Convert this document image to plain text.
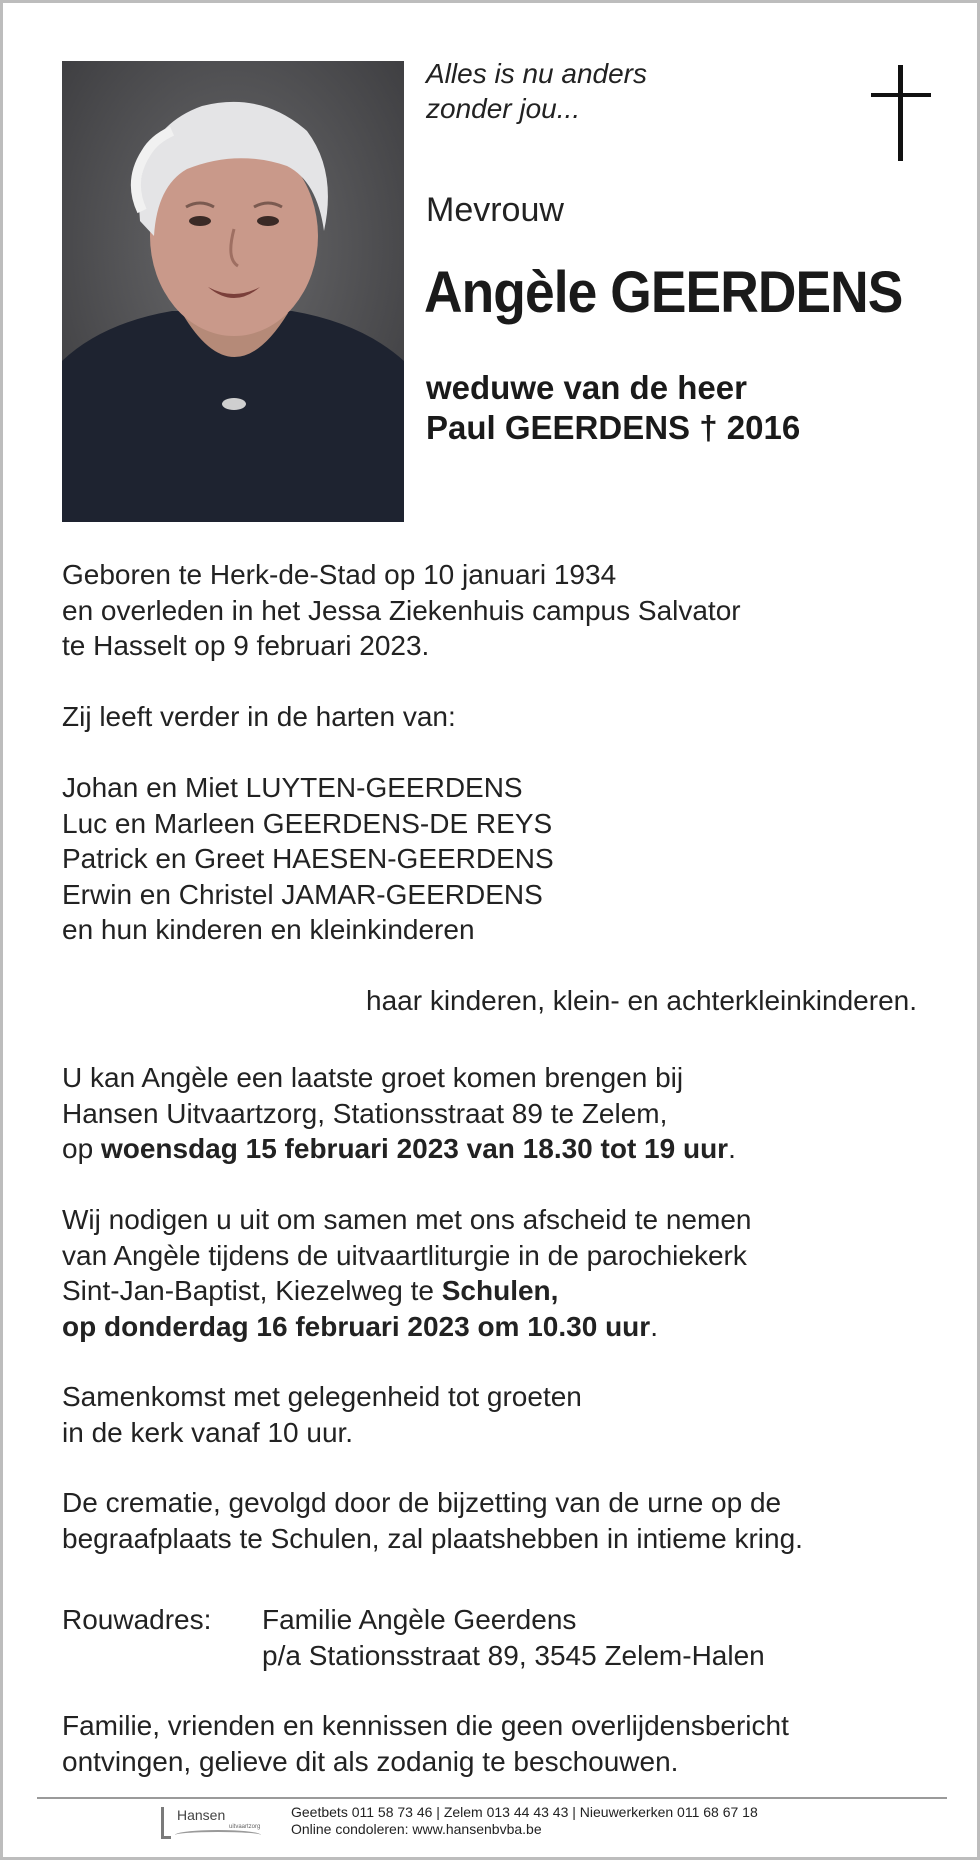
Alles is nu anders
zonder jou...
Mevrouw
Angèle GEERDENS
weduwe van de heer
Paul GEERDENS † 2016
Geboren te Herk-de-Stad op 10 januari 1934
en overleden in het Jessa Ziekenhuis campus Salvator
te Hasselt op 9 februari 2023.
Zij leeft verder in de harten van:
Johan en Miet LUYTEN-GEERDENS
Luc en Marleen GEERDENS-DE REYS
Patrick en Greet HAESEN-GEERDENS
Erwin en Christel JAMAR-GEERDENS
en hun kinderen en kleinkinderen
haar kinderen, klein- en achterkleinkinderen.
U kan Angèle een laatste groet komen brengen bij
Hansen Uitvaartzorg, Stationsstraat 89 te Zelem,
op woensdag 15 februari 2023 van 18.30 tot 19 uur.
Wij nodigen u uit om samen met ons afscheid te nemen
van Angèle tijdens de uitvaartliturgie in de parochiekerk
Sint-Jan-Baptist, Kiezelweg te Schulen,
op donderdag 16 februari 2023 om 10.30 uur.
Samenkomst met gelegenheid tot groeten
in de kerk vanaf 10 uur.
De crematie, gevolgd door de bijzetting van de urne op de
begraafplaats te Schulen, zal plaatshebben in intieme kring.
Rouwadres: Familie Angèle Geerdens
p/a Stationsstraat 89, 3545 Zelem-Halen
Familie, vrienden en kennissen die geen overlijdensbericht
ontvingen, gelieve dit als zodanig te beschouwen.
Hansen
uitvaartzorg
Geetbets 011 58 73 46 | Zelem 013 44 43 43 | Nieuwerkerken 011 68 67 18
Online condoleren: www.hansenbvba.be
